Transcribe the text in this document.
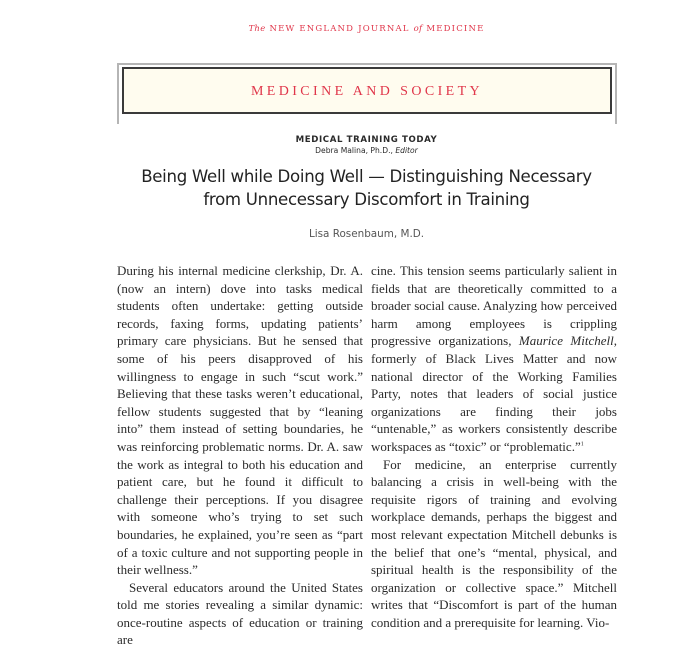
The NEW ENGLAND JOURNAL of MEDICINE
MEDICINE AND SOCIETY
MEDICAL TRAINING TODAY
Debra Malina, Ph.D., Editor
Being Well while Doing Well — Distinguishing Necessary
from Unnecessary Discomfort in Training
Lisa Rosenbaum, M.D.

During his internal medicine clerkship, Dr. A. (now an intern) dove into tasks medical students often undertake: getting outside records, faxing forms, updating patients’ primary care physicians. But he sensed that some of his peers disapproved of his willingness to engage in such “scut work.” Believing that these tasks weren’t educational, fellow students suggested that by “leaning into” them instead of setting boundaries, he was reinforcing problematic norms. Dr. A. saw the work as integral to both his education and patient care, but he found it difficult to challenge their perceptions. If you disagree with someone who’s trying to set such boundaries, he explained, you’re seen as “part of a toxic culture and not supporting people in their wellness.”

Several educators around the United States told me stories revealing a similar dynamic: once-routine aspects of education or training are

cine. This tension seems particularly salient in fields that are theoretically committed to a broader social cause. Analyzing how perceived harm among employees is crippling progressive organizations, Maurice Mitchell, formerly of Black Lives Matter and now national director of the Working Families Party, notes that leaders of social justice organizations are finding their jobs “untenable,” as workers consistently describe workspaces as “toxic” or “problematic.”$^1$

For medicine, an enterprise currently balancing a crisis in well-being with the requisite rigors of training and evolving workplace demands, perhaps the biggest and most relevant expectation Mitchell debunks is the belief that one’s “mental, physical, and spiritual health is the responsibility of the organization or collective space.” Mitchell writes that “Discomfort is part of the human condition and a prerequisite for learning. Vio-
